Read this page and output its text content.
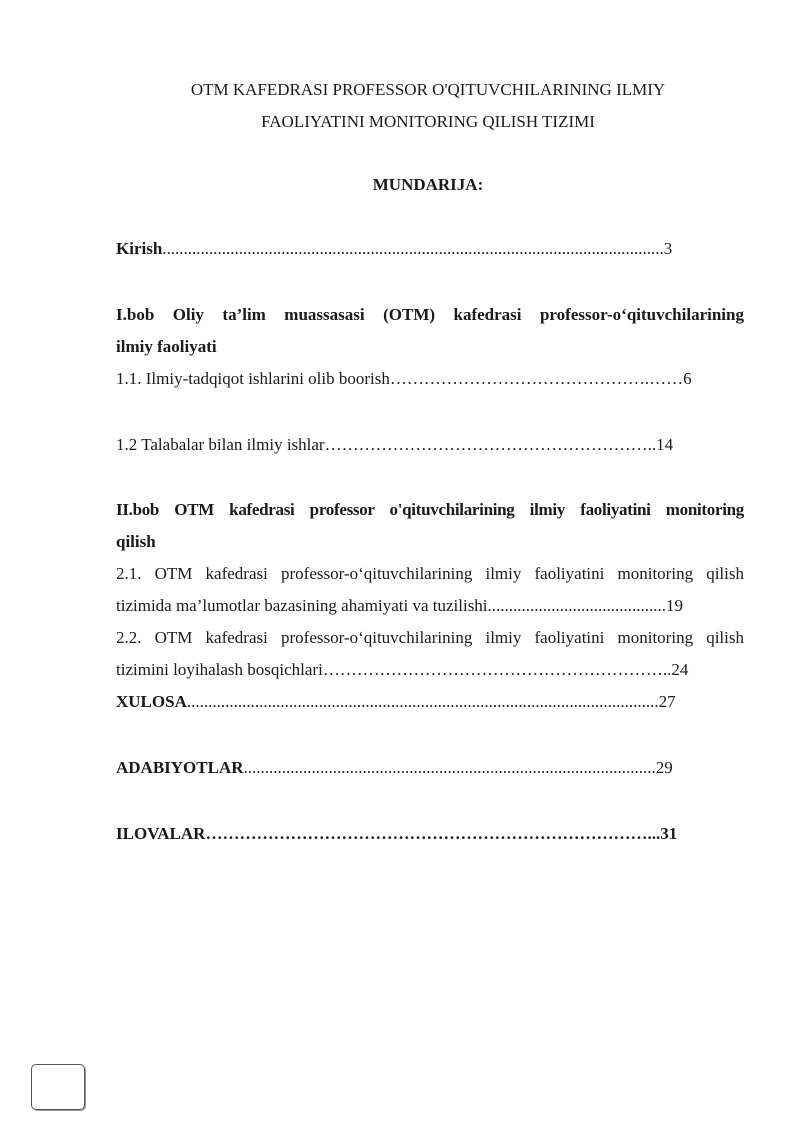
OTM KAFEDRASI PROFESSOR O'QITUVCHILARINING ILMIY
FAOLIYATINI MONITORING QILISH TIZIMI
MUNDARIJA:
Kirish......................................................................................................................3
I.bob Oliy ta’lim muassasasi (OTM) kafedrasi professor-o‘qituvchilarining
ilmiy faoliyati
1.1. Ilmiy-tadqiqot ishlarini olib boorish……………………………………….……6
1.2 Talabalar bilan ilmiy ishlar…………………………………………………..14
II.bob OTM kafedrasi professor o'qituvchilarining ilmiy faoliyatini monitoring
qilish
2.1. OTM kafedrasi professor-o‘qituvchilarining ilmiy faoliyatini monitoring qilish
tizimida ma’lumotlar bazasining ahamiyati va tuzilishi..........................................19
2.2. OTM kafedrasi professor-o‘qituvchilarining ilmiy faoliyatini monitoring qilish
tizimini loyihalash bosqichlari……………………………………………………..24
XULOSA...............................................................................................................27
ADABIYOTLAR.................................................................................................29
ILOVALAR……………………………………………………………………...31
